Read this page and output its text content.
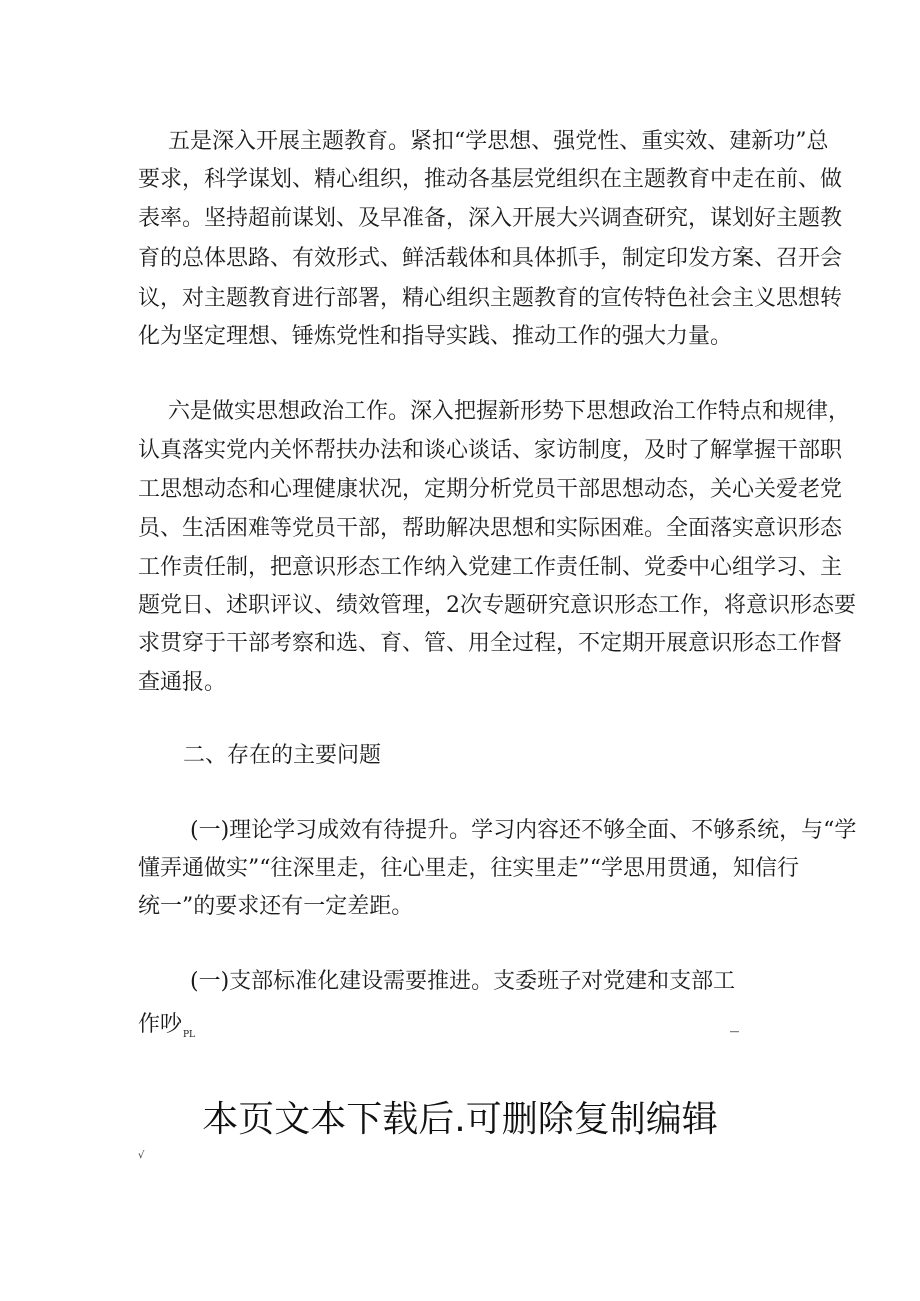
五是深入开展主题教育。紧扣“学思想、强党性、重实效、建新功”总
要求，科学谋划、精心组织，推动各基层党组织在主题教育中走在前、做
表率。坚持超前谋划、及早准备，深入开展大兴调查研究，谋划好主题教
育的总体思路、有效形式、鲜活载体和具体抓手，制定印发方案、召开会
议，对主题教育进行部署，精心组织主题教育的宣传特色社会主义思想转
化为坚定理想、锤炼党性和指导实践、推动工作的强大力量。
六是做实思想政治工作。深入把握新形势下思想政治工作特点和规律，
认真落实党内关怀帮扶办法和谈心谈话、家访制度，及时了解掌握干部职
工思想动态和心理健康状况，定期分析党员干部思想动态，关心关爱老党
员、生活困难等党员干部，帮助解决思想和实际困难。全面落实意识形态
工作责任制，把意识形态工作纳入党建工作责任制、党委中心组学习、主
题党日、述职评议、绩效管理，2次专题研究意识形态工作，将意识形态要
求贯穿于干部考察和选、育、管、用全过程，不定期开展意识形态工作督
查通报。
二、存在的主要问题
(一)理论学习成效有待提升。学习内容还不够全面、不够系统，与“学
懂弄通做实”“往深里走，往心里走，往实里走”“学思用贯通，知信行
统一”的要求还有一定差距。
(一)支部标准化建设需要推进。支委班子对党建和支部工
作吵 PL
_
本页文本下载后.可删除复制编辑
√
